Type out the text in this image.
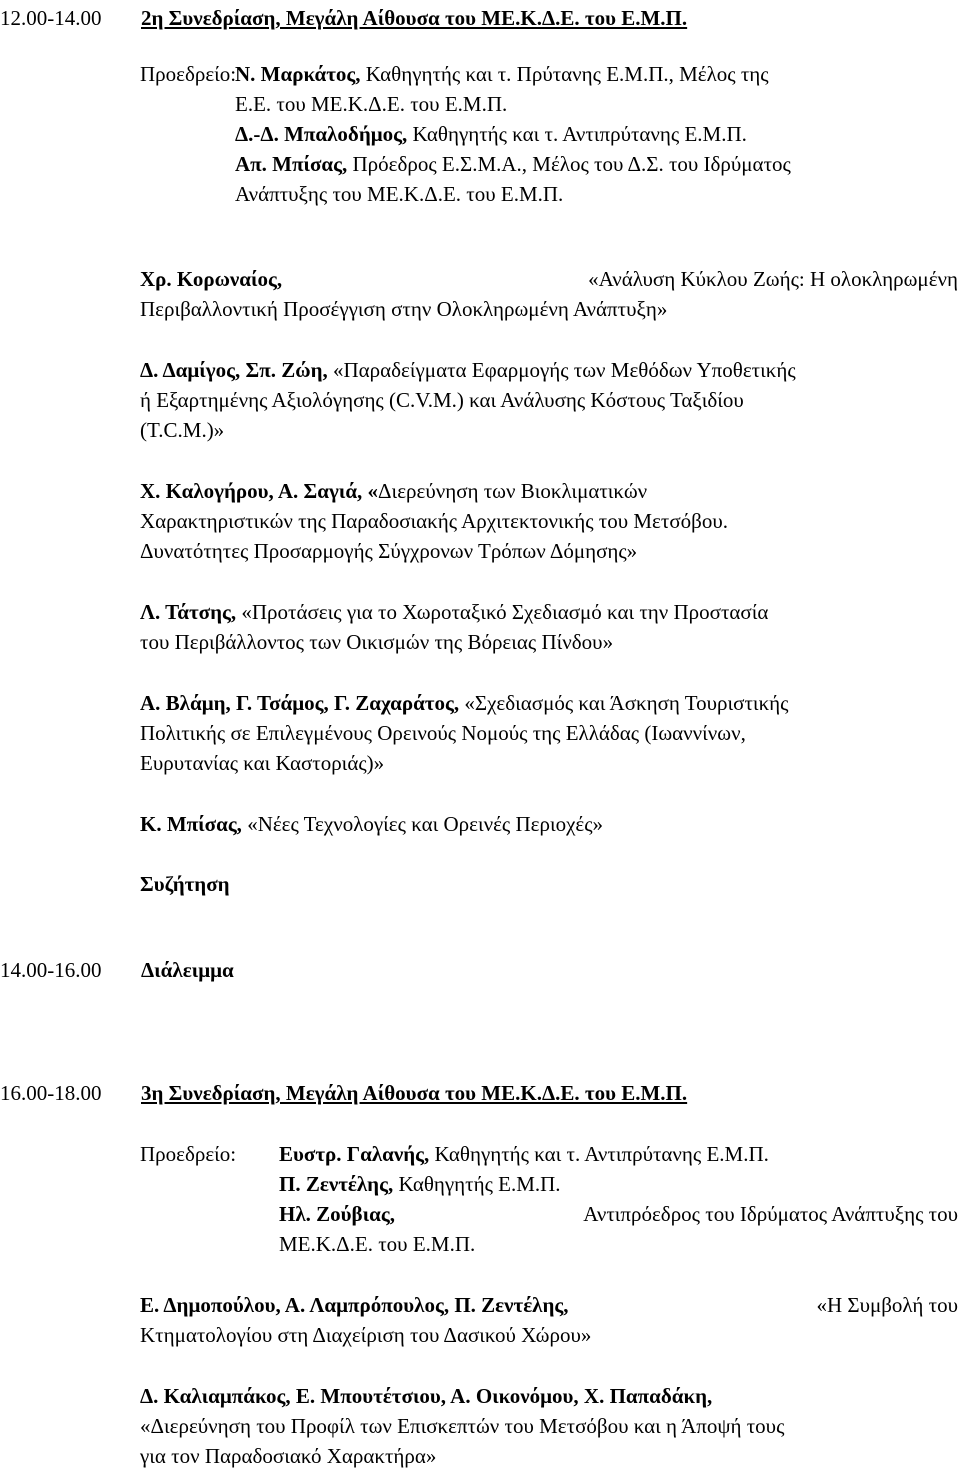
12.00-14.00 2η Συνεδρίαση, Μεγάλη Αίθουσα του ΜΕ.Κ.Δ.Ε. του Ε.Μ.Π.
Προεδρείο:
Ν. Μαρκάτος, Καθηγητής και τ. Πρύτανης Ε.Μ.Π., Μέλος της
Ε.Ε. του ΜΕ.Κ.Δ.Ε. του Ε.Μ.Π.
Δ.-Δ. Μπαλοδήμος, Καθηγητής και τ. Αντιπρύτανης Ε.Μ.Π.
Απ. Μπίσας, Πρόεδρος Ε.Σ.Μ.Α., Μέλος του Δ.Σ. του Ιδρύματος
Ανάπτυξης του ΜΕ.Κ.Δ.Ε. του Ε.Μ.Π.
Χρ. Κορωναίος,	«Ανάλυση Κύκλου Ζωής: Η ολοκληρωμένη
Περιβαλλοντική Προσέγγιση στην Ολοκληρωμένη Ανάπτυξη»
Δ. Δαμίγος, Σπ. Ζώη, «Παραδείγματα Εφαρμογής των Μεθόδων Υποθετικής
ή Εξαρτημένης Αξιολόγησης (C.V.M.) και Ανάλυσης Κόστους Ταξιδίου
(T.C.M.)»
Χ. Καλογήρου, Α. Σαγιά, «Διερεύνηση των Βιοκλιματικών
Χαρακτηριστικών της Παραδοσιακής Αρχιτεκτονικής του Μετσόβου.
Δυνατότητες Προσαρμογής Σύγχρονων Τρόπων Δόμησης»
Λ. Τάτσης, «Προτάσεις για το Χωροταξικό Σχεδιασμό και την Προστασία
του Περιβάλλοντος των Οικισμών της Βόρειας Πίνδου»
Α. Βλάμη, Γ. Τσάμος, Γ. Ζαχαράτος, «Σχεδιασμός και Άσκηση Τουριστικής
Πολιτικής σε Επιλεγμένους Ορεινούς Νομούς της Ελλάδας (Ιωαννίνων,
Ευρυτανίας και Καστοριάς)»
Κ. Μπίσας, «Νέες Τεχνολογίες και Ορεινές Περιοχές»
Συζήτηση
14.00-16.00 Διάλειμμα
16.00-18.00 3η Συνεδρίαση, Μεγάλη Αίθουσα του ΜΕ.Κ.Δ.Ε. του Ε.Μ.Π.
Προεδρείο: Ευστρ. Γαλανής, Καθηγητής και τ. Αντιπρύτανης Ε.Μ.Π.
Π. Ζεντέλης, Καθηγητής Ε.Μ.Π.
Ηλ. Ζούβιας,	Αντιπρόεδρος του Ιδρύματος Ανάπτυξης του
ΜΕ.Κ.Δ.Ε. του Ε.Μ.Π.
Ε. Δημοπούλου, Α. Λαμπρόπουλος, Π. Ζεντέλης,	«Η Συμβολή του
Κτηματολογίου στη Διαχείριση του Δασικού Χώρου»
Δ. Καλιαμπάκος, Ε. Μπουτέτσιου, Α. Οικονόμου, Χ. Παπαδάκη,
«Διερεύνηση του Προφίλ των Επισκεπτών του Μετσόβου και η Άποψή τους
για τον Παραδοσιακό Χαρακτήρα»
